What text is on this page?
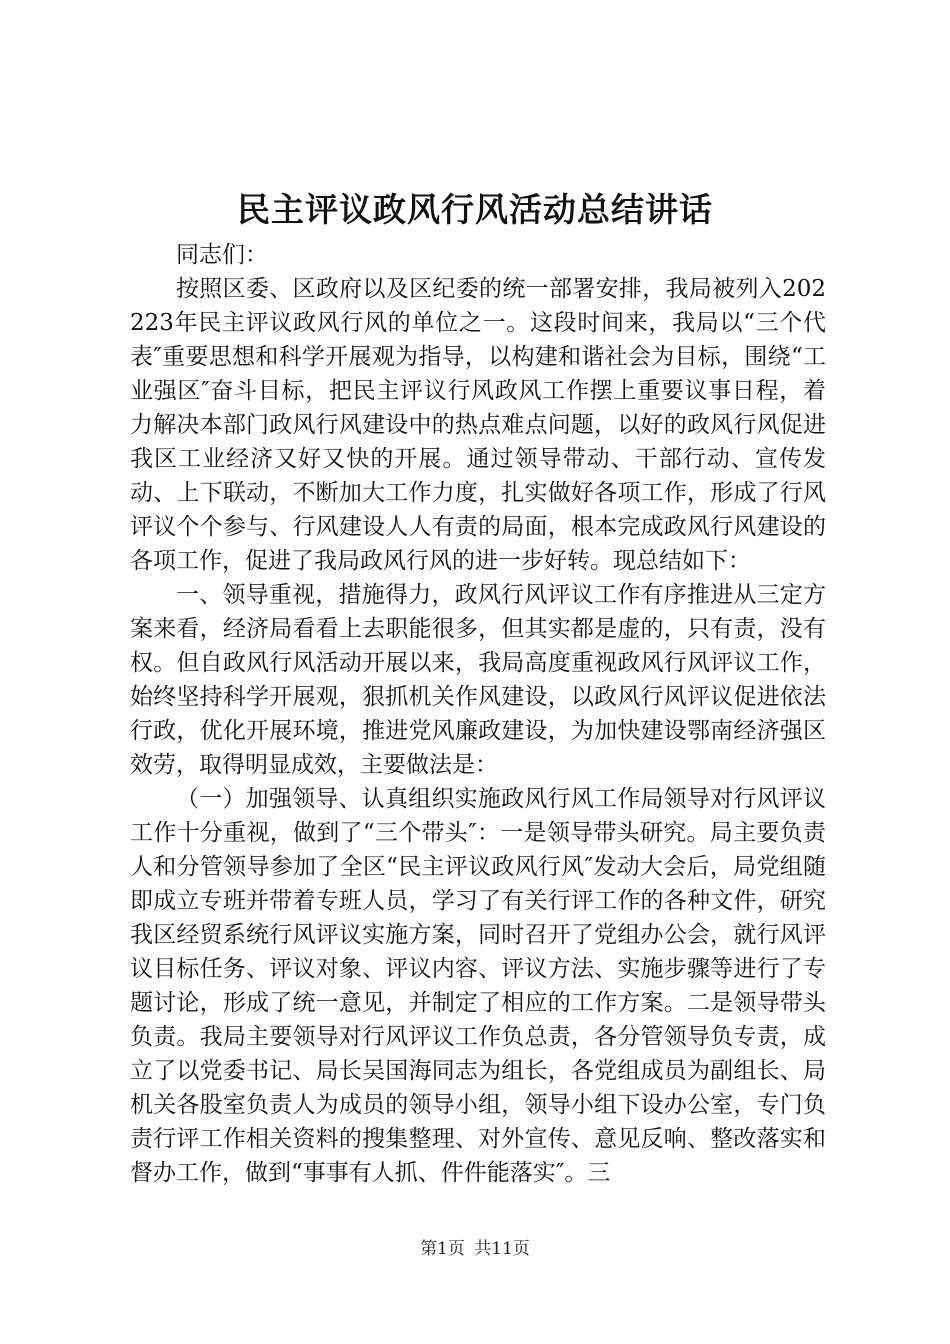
民主评议政风行风活动总结讲话

同志们：

按照区委、区政府以及区纪委的统一部署安排，我局被列入202223年民主评议政风行风的单位之一。这段时间来，我局以“三个代表″重要思想和科学开展观为指导，以构建和谐社会为目标，围绕“工业强区″奋斗目标，把民主评议行风政风工作摆上重要议事日程，着力解决本部门政风行风建设中的热点难点问题，以好的政风行风促进我区工业经济又好又快的开展。通过领导带动、干部行动、宣传发动、上下联动，不断加大工作力度，扎实做好各项工作，形成了行风评议个个参与、行风建设人人有责的局面，根本完成政风行风建设的各项工作，促进了我局政风行风的进一步好转。现总结如下：

一、领导重视，措施得力，政风行风评议工作有序推进从三定方案来看，经济局看看上去职能很多，但其实都是虚的，只有责，没有权。但自政风行风活动开展以来，我局高度重视政风行风评议工作，始终坚持科学开展观，狠抓机关作风建设，以政风行风评议促进依法行政，优化开展环境，推进党风廉政建设，为加快建设鄂南经济强区效劳，取得明显成效，主要做法是：

（一）加强领导、认真组织实施政风行风工作局领导对行风评议工作十分重视，做到了“三个带头″：一是领导带头研究。局主要负责人和分管领导参加了全区“民主评议政风行风″发动大会后，局党组随即成立专班并带着专班人员，学习了有关行评工作的各种文件，研究我区经贸系统行风评议实施方案，同时召开了党组办公会，就行风评议目标任务、评议对象、评议内容、评议方法、实施步骤等进行了专题讨论，形成了统一意见，并制定了相应的工作方案。二是领导带头负责。我局主要领导对行风评议工作负总责，各分管领导负专责，成立了以党委书记、局长吴国海同志为组长，各党组成员为副组长、局机关各股室负责人为成员的领导小组，领导小组下设办公室，专门负责行评工作相关资料的搜集整理、对外宣传、意见反响、整改落实和督办工作，做到“事事有人抓、件件能落实″。三

第1页 共11页
